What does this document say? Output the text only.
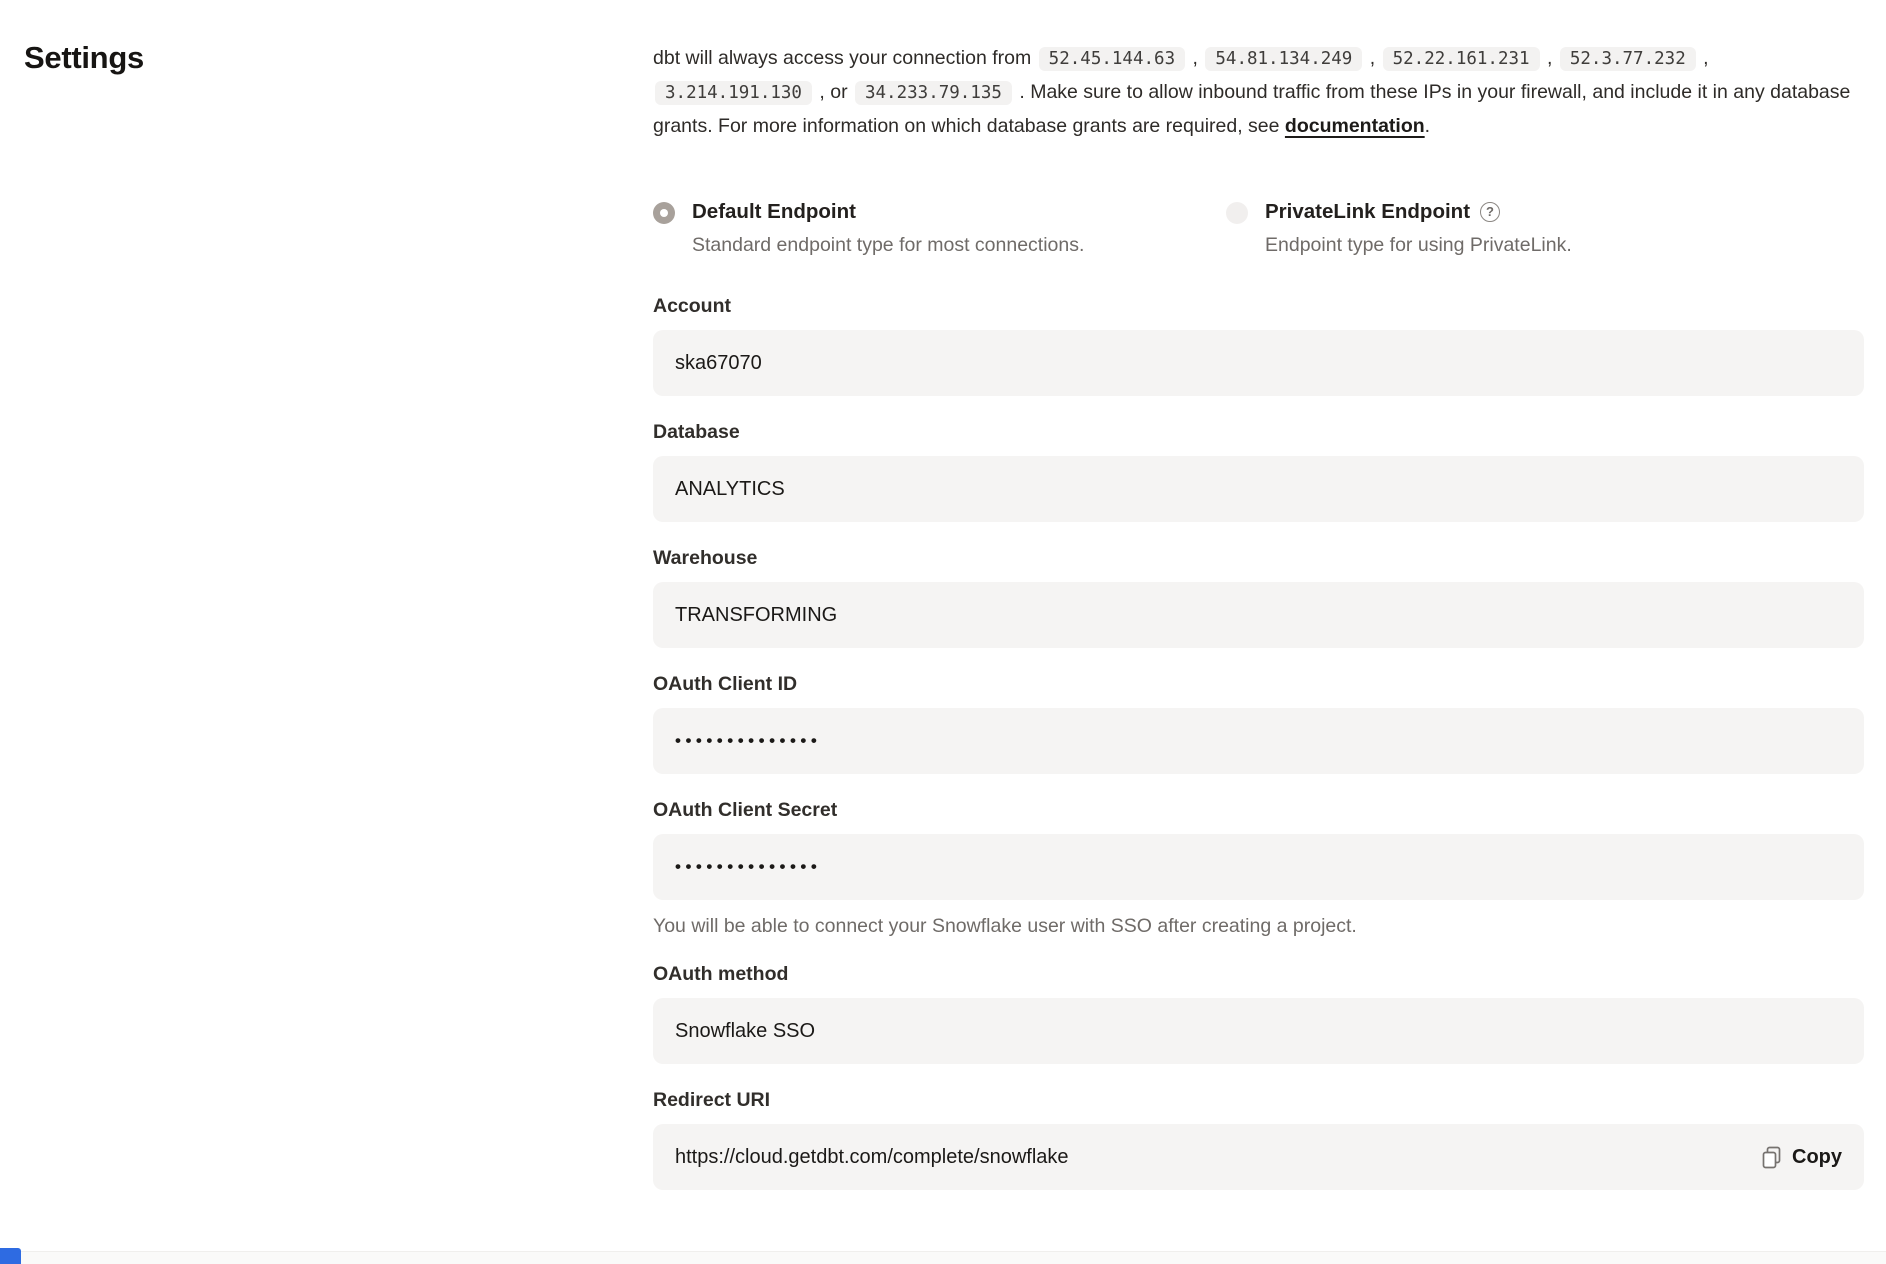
Settings	dbt will always access your connection from 52.45.144.63 , 54.81.134.249 , 52.22.161.231 , 52.3.77.232 , 3.214.191.130 , or 34.233.79.135 . Make sure to allow inbound traffic from these IPs in your firewall, and include it in any database grants. For more information on which database grants are required, see documentation.

Default Endpoint
Standard endpoint type for most connections.
PrivateLink Endpoint	?
Endpoint type for using PrivateLink.
Account
ska67070
Database
ANALYTICS
Warehouse
TRANSFORMING
OAuth Client ID
••••••••••••••
OAuth Client Secret
••••••••••••••
You will be able to connect your Snowflake user with SSO after creating a project.
OAuth method
Snowflake SSO
Redirect URI
https://cloud.getdbt.com/complete/snowflake	Copy
